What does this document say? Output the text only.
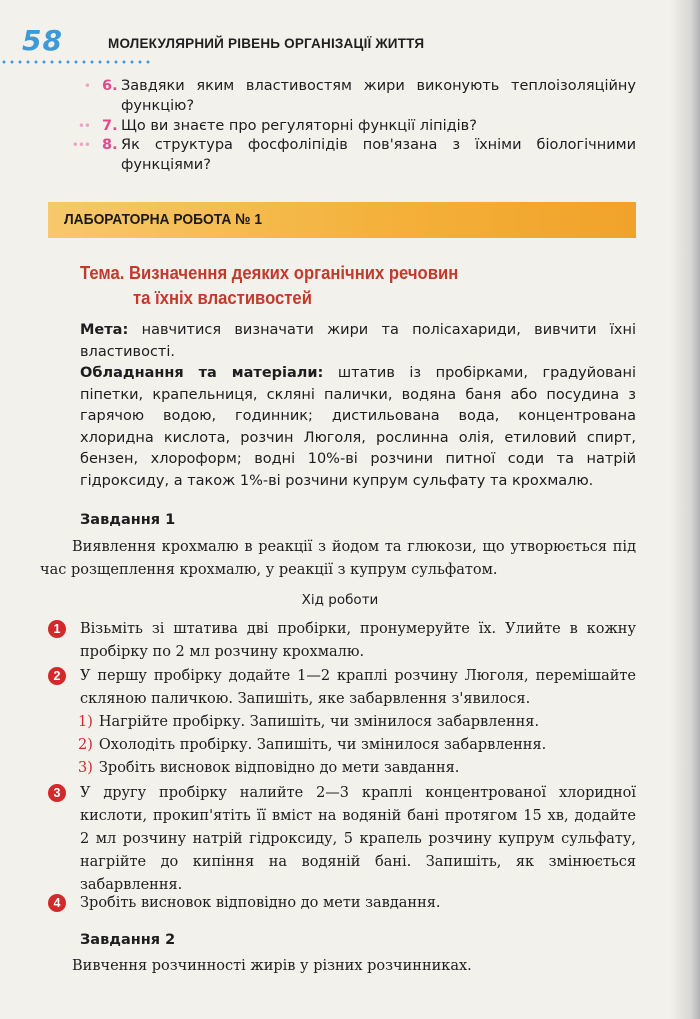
58	МОЛЕКУЛЯРНИЙ РІВЕНЬ ОРГАНІЗАЦІЇ ЖИТТЯ
• 6. Завдяки яким властивостям жири виконують теплоізоляційну функцію?
•• 7. Що ви знаєте про регуляторні функції ліпідів?
••• 8. Як структура фосфоліпідів пов'язана з їхніми біологічними функціями?
ЛАБОРАТОРНА РОБОТА № 1
Тема. Визначення деяких органічних речовин
та їхніх властивостей
Мета: навчитися визначати жири та полісахариди, вивчити їхні властивості.
Обладнання та матеріали: штатив із пробірками, градуйовані піпетки, крапельниця, скляні палички, водяна баня або посудина з гарячою водою, годинник; дистильована вода, концентрована хлоридна кислота, розчин Люголя, рослинна олія, етиловий спирт, бензен, хлороформ; водні 10%-ві розчини питної соди та натрій гідроксиду, а також 1%-ві розчини купрум сульфату та крохмалю.
Завдання 1
Виявлення крохмалю в реакції з йодом та глюкози, що утворюється під час розщеплення крохмалю, у реакції з купрум сульфатом.
Хід роботи
1	Візьміть зі штатива дві пробірки, пронумеруйте їх. Улийте в кожну пробірку по 2 мл розчину крохмалю.
2	У першу пробірку додайте 1—2 краплі розчину Люголя, перемішайте скляною паличкою. Запишіть, яке забарвлення з'явилося.
1) Нагрійте пробірку. Запишіть, чи змінилося забарвлення.
2) Охолодіть пробірку. Запишіть, чи змінилося забарвлення.
3) Зробіть висновок відповідно до мети завдання.
3	У другу пробірку налийте 2—3 краплі концентрованої хлоридної кислоти, прокип'ятіть її вміст на водяній бані протягом 15 хв, додайте 2 мл розчину натрій гідроксиду, 5 крапель розчину купрум сульфату, нагрійте до кипіння на водяній бані. Запишіть, як змінюється забарвлення.
4	Зробіть висновок відповідно до мети завдання.
Завдання 2
Вивчення розчинності жирів у різних розчинниках.
